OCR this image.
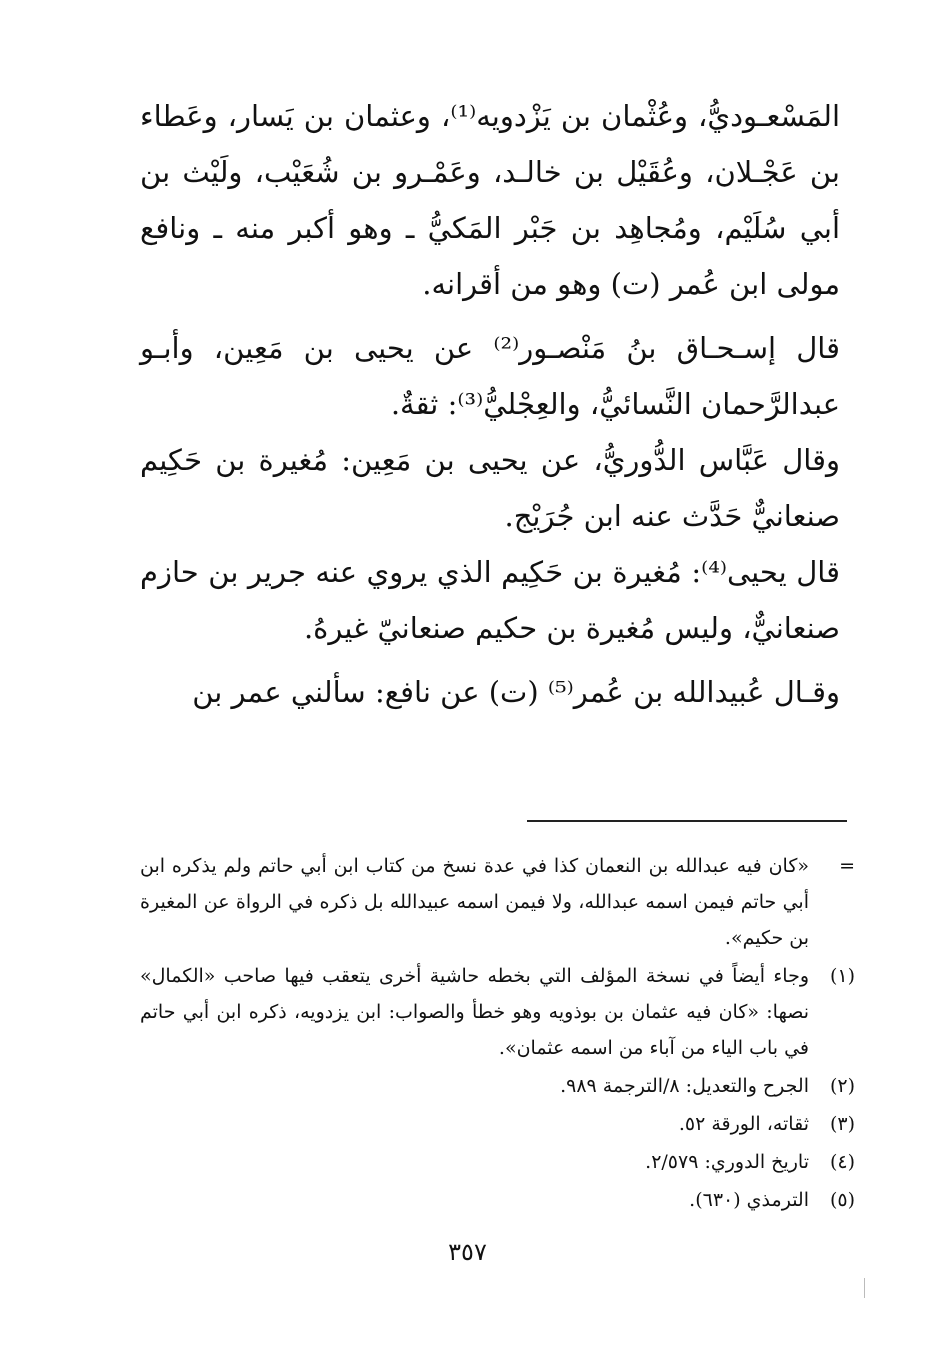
المَسْعـوديُّ، وعُثْمان بن يَزْدويه⁽¹⁾، وعثمان بن يَسار، وعَطاء بن عَجْـلان، وعُقَيْل بن خالـد، وعَمْـرو بن شُعَيْب، ولَيْث بن أبي سُلَيْم، ومُجاهِد بن جَبْر المَكيُّ ـ وهو أكبر منه ـ ونافع مولى ابن عُمر (ت) وهو من أقرانه.

قال إسـحـاق بنُ مَنْصـور⁽²⁾ عن يحيى بن مَعِين، وأبـو عبدالرَّحمان النَّسائيُّ، والعِجْليُّ⁽³⁾: ثقةٌ.

وقال عَبَّاس الدُّوريُّ، عن يحيى بن مَعِين: مُغيرة بن حَكِيم صنعانيٌّ حَدَّث عنه ابن جُرَيْج.

قال يحيى⁽⁴⁾: مُغيرة بن حَكِيم الذي يروي عنه جرير بن حازم صنعانيٌّ، وليس مُغيرة بن حكيم صنعانيّ غيرهُ.

وقـال عُبيدالله بن عُمر⁽⁵⁾ (ت) عن نافع: سألني عمر بن

=
«كان فيه عبدالله بن النعمان كذا في عدة نسخ من كتاب ابن أبي حاتم ولم يذكره ابن أبي حاتم فيمن اسمه عبدالله، ولا فيمن اسمه عبيدالله بل ذكره في الرواة عن المغيرة بن حكيم».
(١)
وجاء أيضاً في نسخة المؤلف التي بخطه حاشية أخرى يتعقب فيها صاحب «الكمال» نصها: «كان فيه عثمان بن بوذويه وهو خطأ والصواب: ابن يزدويه، ذكره ابن أبي حاتم في باب الياء من آباء من اسمه عثمان».
(٢)
الجرح والتعديل: ٨/الترجمة ٩٨٩.
(٣)
ثقاته، الورقة ٥٢.
(٤)
تاريخ الدوري: ٢/٥٧٩.
(٥)
الترمذي (٦٣٠).
٣٥٧
